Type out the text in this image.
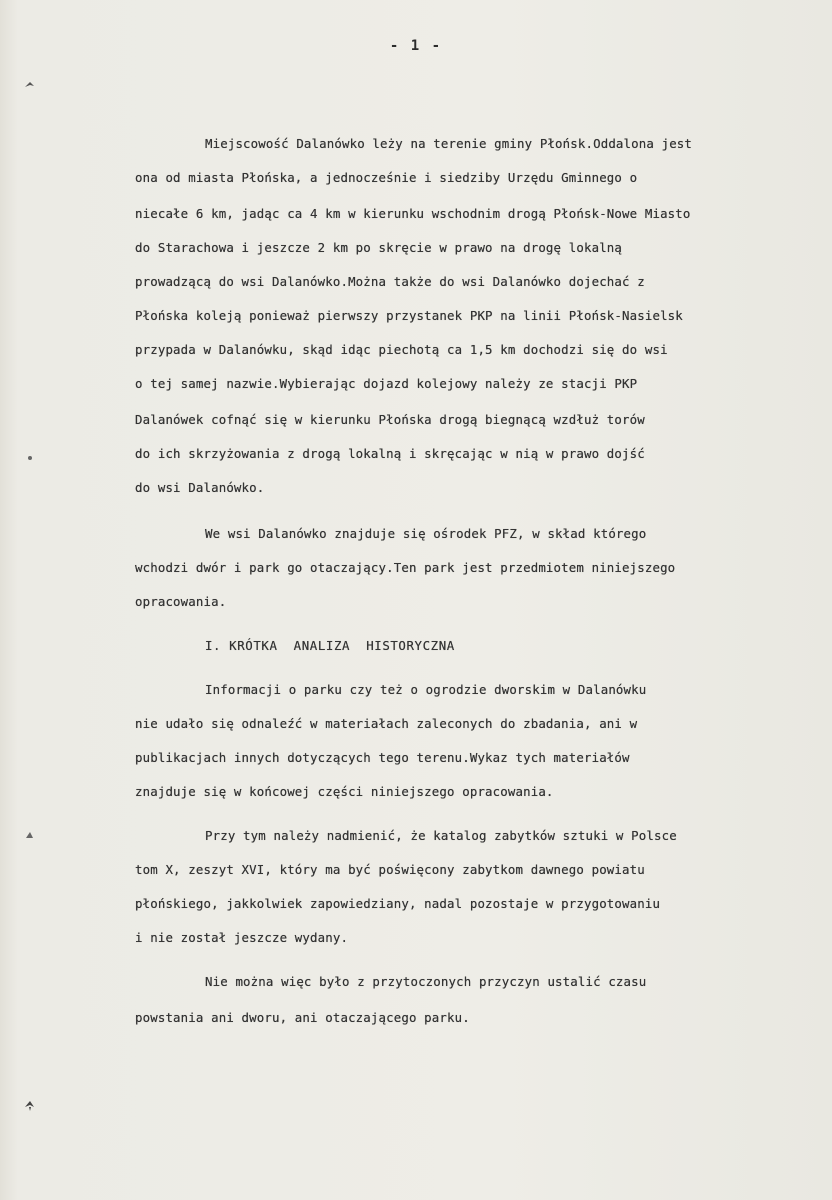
- 1 -
Miejscowość Dalanówko leży na terenie gminy Płońsk.Oddalona jest
ona od miasta Płońska, a jednocześnie i siedziby Urzędu Gminnego o
niecałe 6 km, jadąc ca 4 km w kierunku wschodnim drogą Płońsk-Nowe Miasto
do Starachowa i jeszcze 2 km po skręcie w prawo na drogę lokalną
prowadzącą do wsi Dalanówko.Można także do wsi Dalanówko dojechać z
Płońska koleją ponieważ pierwszy przystanek PKP na linii Płońsk-Nasielsk
przypada w Dalanówku, skąd idąc piechotą ca 1,5 km dochodzi się do wsi
o tej samej nazwie.Wybierając dojazd kolejowy należy ze stacji PKP
Dalanówek cofnąć się w kierunku Płońska drogą biegnącą wzdłuż torów
do ich skrzyżowania z drogą lokalną i skręcając w nią w prawo dojść
do wsi Dalanówko.
We wsi Dalanówko znajduje się ośrodek PFZ, w skład którego
wchodzi dwór i park go otaczający.Ten park jest przedmiotem niniejszego
opracowania.
I. KRÓTKA  ANALIZA  HISTORYCZNA
Informacji o parku czy też o ogrodzie dworskim w Dalanówku
nie udało się odnaleźć w materiałach zaleconych do zbadania, ani w
publikacjach innych dotyczących tego terenu.Wykaz tych materiałów
znajduje się w końcowej części niniejszego opracowania.
Przy tym należy nadmienić, że katalog zabytków sztuki w Polsce
tom X, zeszyt XVI, który ma być poświęcony zabytkom dawnego powiatu
płońskiego, jakkolwiek zapowiedziany, nadal pozostaje w przygotowaniu
i nie został jeszcze wydany.
Nie można więc było z przytoczonych przyczyn ustalić czasu
powstania ani dworu, ani otaczającego parku.
